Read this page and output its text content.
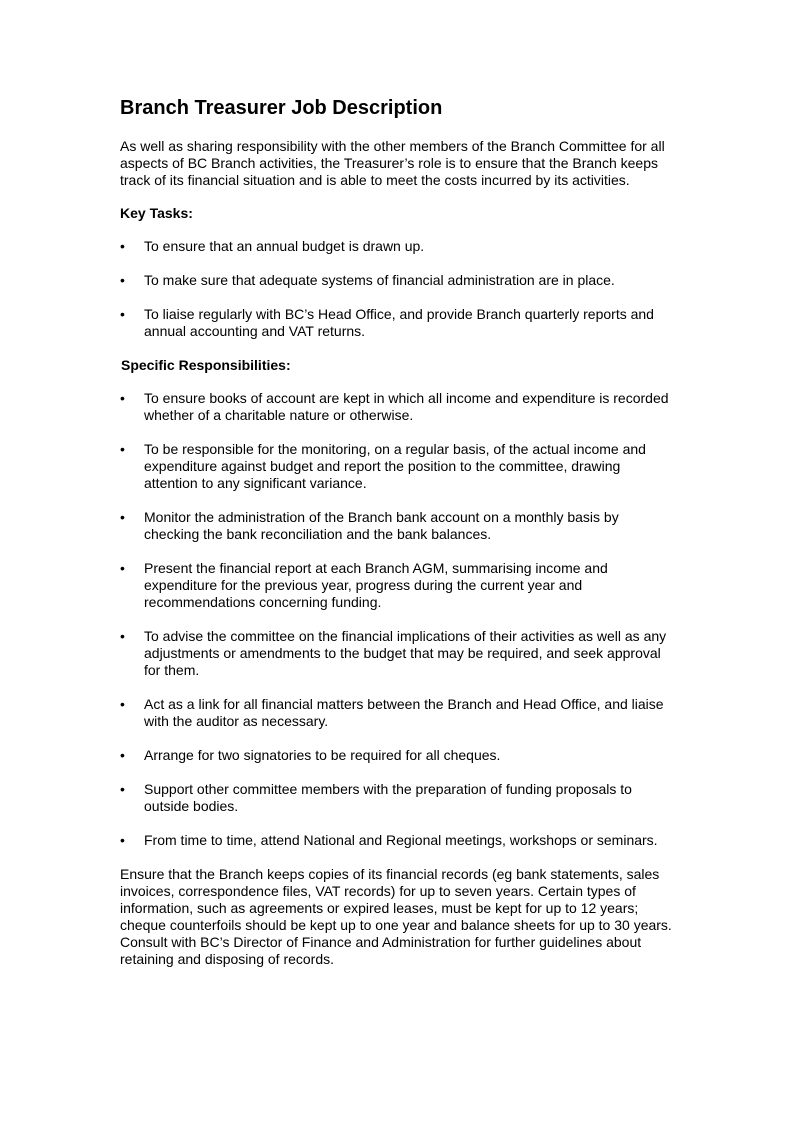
Branch Treasurer Job Description

As well as sharing responsibility with the other members of the Branch Committee for all aspects of BC Branch activities, the Treasurer’s role is to ensure that the Branch keeps track of its financial situation and is able to meet the costs incurred by its activities.

Key Tasks:
•	To ensure that an annual budget is drawn up.
•	To make sure that adequate systems of financial administration are in place.
•	To liaise regularly with BC’s Head Office, and provide Branch quarterly reports and annual accounting and VAT returns.
Specific Responsibilities:
•	To ensure books of account are kept in which all income and expenditure is recorded whether of a charitable nature or otherwise.
•	To be responsible for the monitoring, on a regular basis, of the actual income and expenditure against budget and report the position to the committee, drawing attention to any significant variance.
•	Monitor the administration of the Branch bank account on a monthly basis by checking the bank reconciliation and the bank balances.
•	Present the financial report at each Branch AGM, summarising income and expenditure for the previous year, progress during the current year and recommendations concerning funding.
•	To advise the committee on the financial implications of their activities as well as any adjustments or amendments to the budget that may be required, and seek approval for them.
•	Act as a link for all financial matters between the Branch and Head Office, and liaise with the auditor as necessary.
•	Arrange for two signatories to be required for all cheques.
•	Support other committee members with the preparation of funding proposals to outside bodies.
•	From time to time, attend National and Regional meetings, workshops or seminars.

Ensure that the Branch keeps copies of its financial records (eg bank statements, sales invoices, correspondence files, VAT records) for up to seven years. Certain types of information, such as agreements or expired leases, must be kept for up to 12 years; cheque counterfoils should be kept up to one year and balance sheets for up to 30 years. Consult with BC’s Director of Finance and Administration for further guidelines about retaining and disposing of records.
